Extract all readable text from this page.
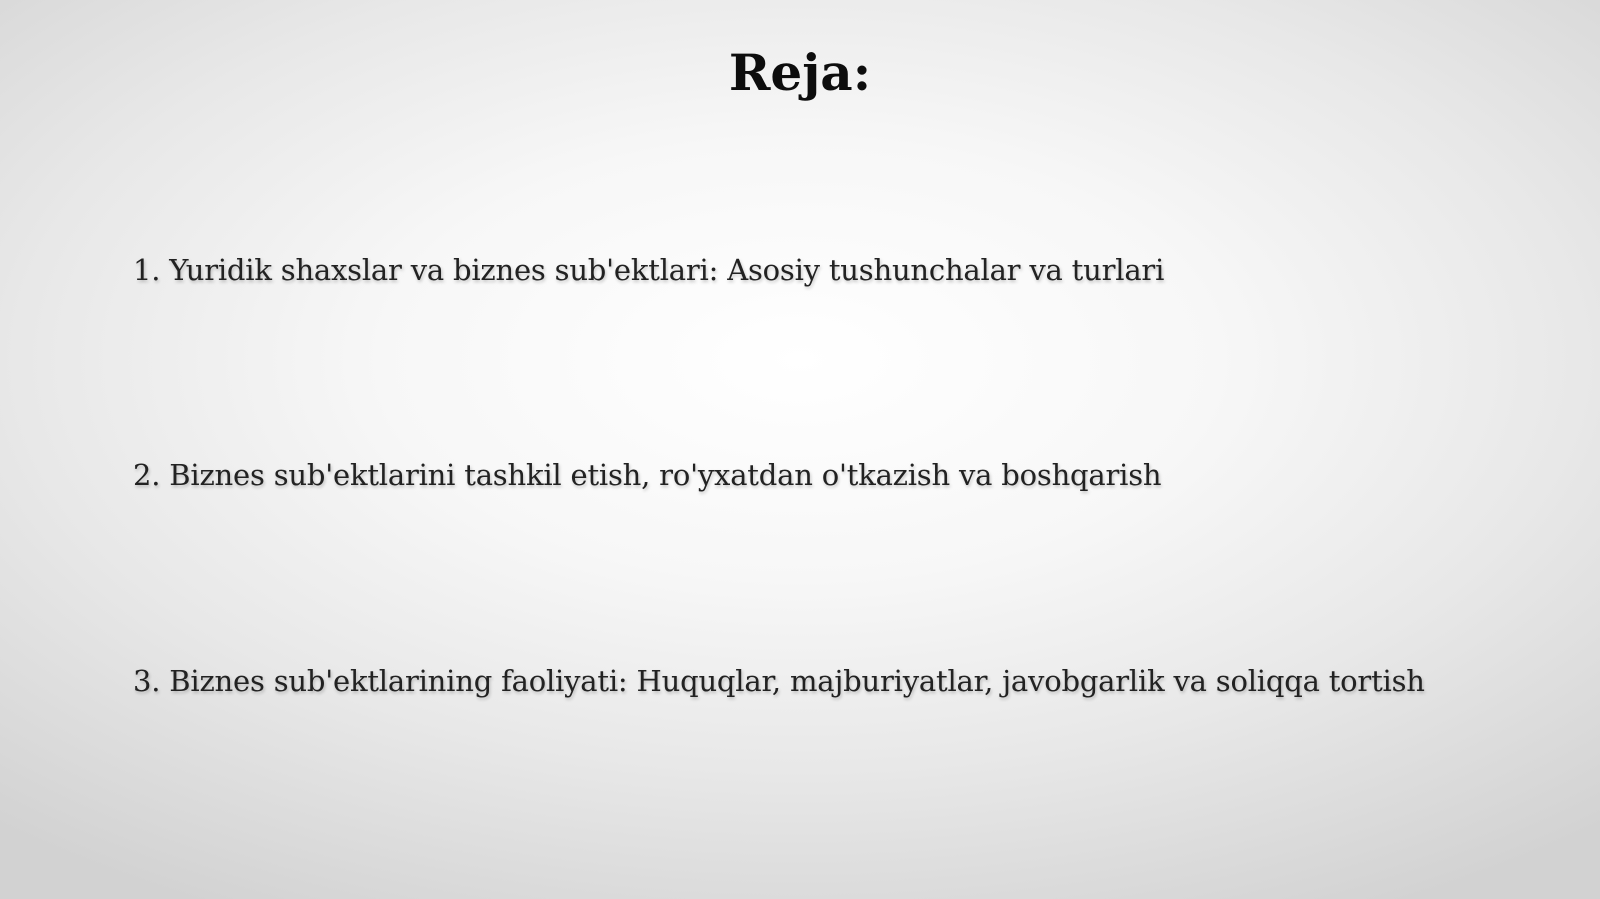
Reja:
1. Yuridik shaxslar va biznes sub'ektlari: Asosiy tushunchalar va turlari
2. Biznes sub'ektlarini tashkil etish, ro'yxatdan o'tkazish va boshqarish
3. Biznes sub'ektlarining faoliyati: Huquqlar, majburiyatlar, javobgarlik va soliqqa tortish
